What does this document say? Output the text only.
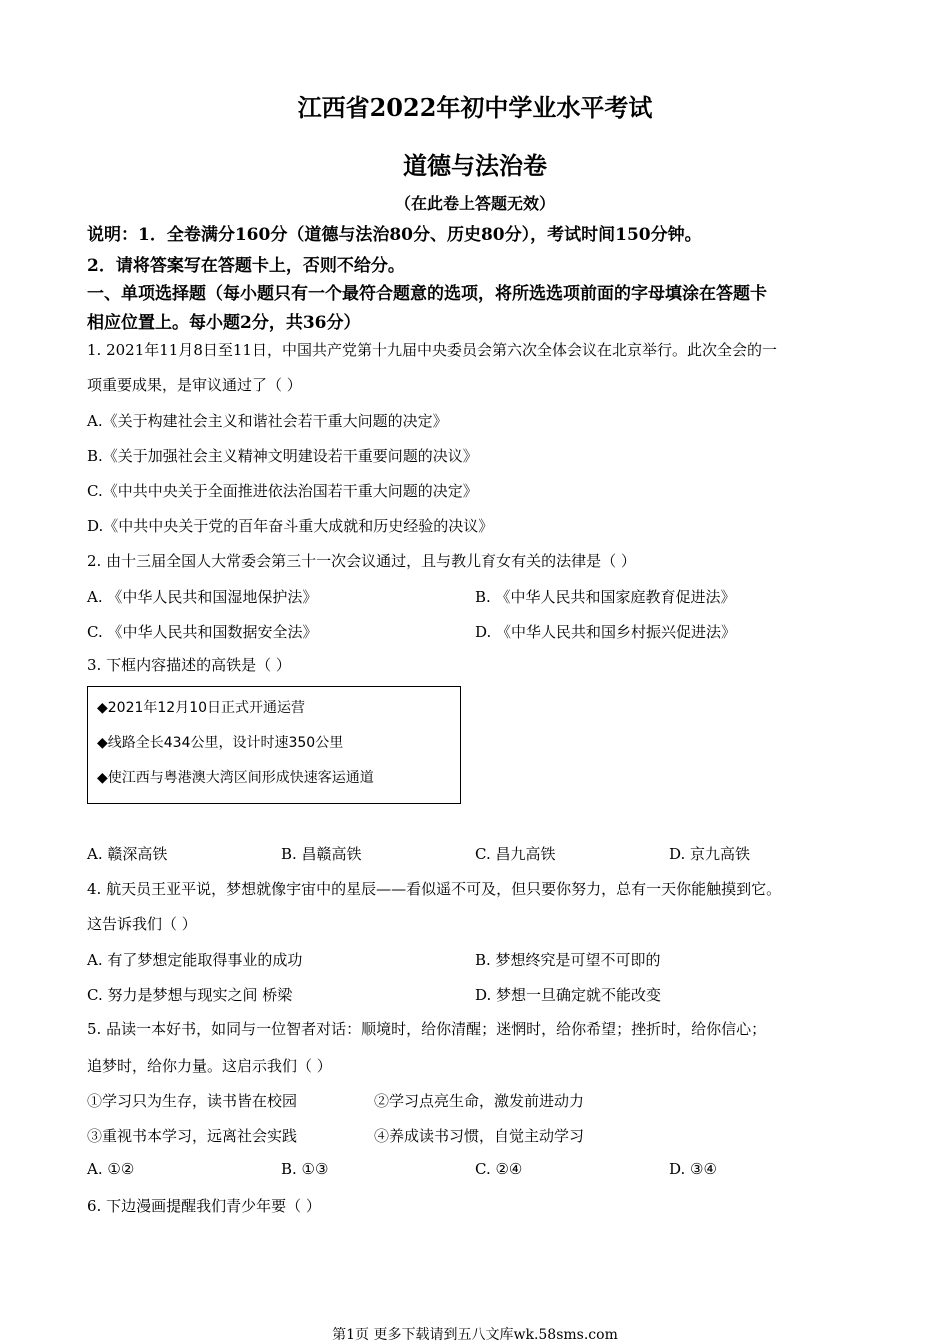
江西省2022年初中学业水平考试
道德与法治卷
（在此卷上答题无效）
说明：1．全卷满分160分（道德与法治80分、历史80分），考试时间150分钟。
2．请将答案写在答题卡上，否则不给分。
一、单项选择题（每小题只有一个最符合题意的选项，将所选选项前面的字母填涂在答题卡
相应位置上。每小题2分，共36分）
1. 2021年11月8日至11日，中国共产党第十九届中央委员会第六次全体会议在北京举行。此次全会的一
项重要成果，是审议通过了（ ）
A.《关于构建社会主义和谐社会若干重大问题的决定》
B.《关于加强社会主义精神文明建设若干重要问题的决议》
C.《中共中央关于全面推进依法治国若干重大问题的决定》
D.《中共中央关于党的百年奋斗重大成就和历史经验的决议》
2. 由十三届全国人大常委会第三十一次会议通过，且与教儿育女有关的法律是（ ）
A. 《中华人民共和国湿地保护法》	B. 《中华人民共和国家庭教育促进法》
C. 《中华人民共和国数据安全法》	D. 《中华人民共和国乡村振兴促进法》
3. 下框内容描述的高铁是（ ）
◆2021年12月10日正式开通运营
◆线路全长434公里，设计时速350公里
◆使江西与粤港澳大湾区间形成快速客运通道
A. 赣深高铁	B. 昌赣高铁	C. 昌九高铁	D. 京九高铁
4. 航天员王亚平说，梦想就像宇宙中的星辰——看似遥不可及，但只要你努力，总有一天你能触摸到它。
这告诉我们（ ）
A. 有了梦想定能取得事业的成功	B. 梦想终究是可望不可即的
C. 努力是梦想与现实之间 桥梁	D. 梦想一旦确定就不能改变
5. 品读一本好书，如同与一位智者对话：顺境时，给你清醒；迷惘时，给你希望；挫折时，给你信心；
追梦时，给你力量。这启示我们（ ）
①学习只为生存，读书皆在校园	②学习点亮生命，激发前进动力
③重视书本学习，远离社会实践	④养成读书习惯，自觉主动学习
A. ①②	B. ①③	C. ②④	D. ③④
6. 下边漫画提醒我们青少年要（ ）
第1页 更多下载请到五八文库wk.58sms.com
